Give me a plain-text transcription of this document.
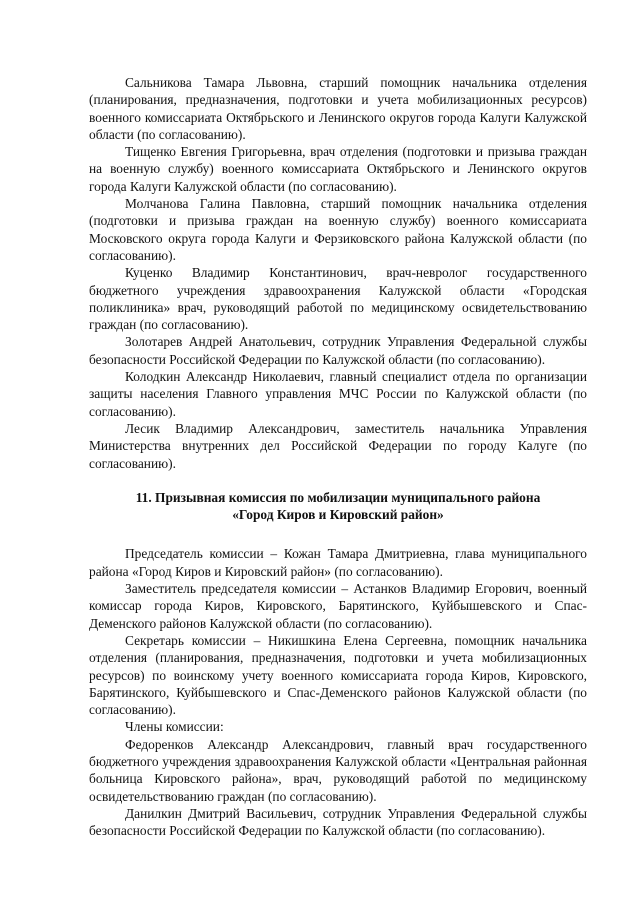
Сальникова Тамара Львовна, старший помощник начальника отделения (планирования, предназначения, подготовки и учета мобилизационных ресурсов) военного комиссариата Октябрьского и Ленинского округов города Калуги Калужской области (по согласованию).

Тищенко Евгения Григорьевна, врач отделения (подготовки и призыва граждан на военную службу) военного комиссариата Октябрьского и Ленинского округов города Калуги Калужской области (по согласованию).

Молчанова Галина Павловна, старший помощник начальника отделения (подготовки и призыва граждан на военную службу) военного комиссариата Московского округа города Калуги и Ферзиковского района Калужской области (по согласованию).

Куценко Владимир Константинович, врач-невролог государственного бюджетного учреждения здравоохранения Калужской области «Городская поликлиника» врач, руководящий работой по медицинскому освидетельствованию граждан (по согласованию).

Золотарев Андрей Анатольевич, сотрудник Управления Федеральной службы безопасности Российской Федерации по Калужской области (по согласованию).

Колодкин Александр Николаевич, главный специалист отдела по организации защиты населения Главного управления МЧС России по Калужской области (по согласованию).

Лесик Владимир Александрович, заместитель начальника Управления Министерства внутренних дел Российской Федерации по городу Калуге (по согласованию).

11. Призывная комиссия по мобилизации муниципального района
«Город Киров и Кировский район»

Председатель комиссии – Кожан Тамара Дмитриевна, глава муниципального района «Город Киров и Кировский район» (по согласованию).

Заместитель председателя комиссии – Астанков Владимир Егорович, военный комиссар города Киров, Кировского, Барятинского, Куйбышевского и Спас-Деменского районов Калужской области (по согласованию).

Секретарь комиссии – Никишкина Елена Сергеевна, помощник начальника отделения (планирования, предназначения, подготовки и учета мобилизационных ресурсов) по воинскому учету военного комиссариата города Киров, Кировского, Барятинского, Куйбышевского и Спас-Деменского районов Калужской области (по согласованию).

Члены комиссии:

Федоренков Александр Александрович, главный врач государственного бюджетного учреждения здравоохранения Калужской области «Центральная районная больница Кировского района», врач, руководящий работой по медицинскому освидетельствованию граждан (по согласованию).

Данилкин Дмитрий Васильевич, сотрудник Управления Федеральной службы безопасности Российской Федерации по Калужской области (по согласованию).
